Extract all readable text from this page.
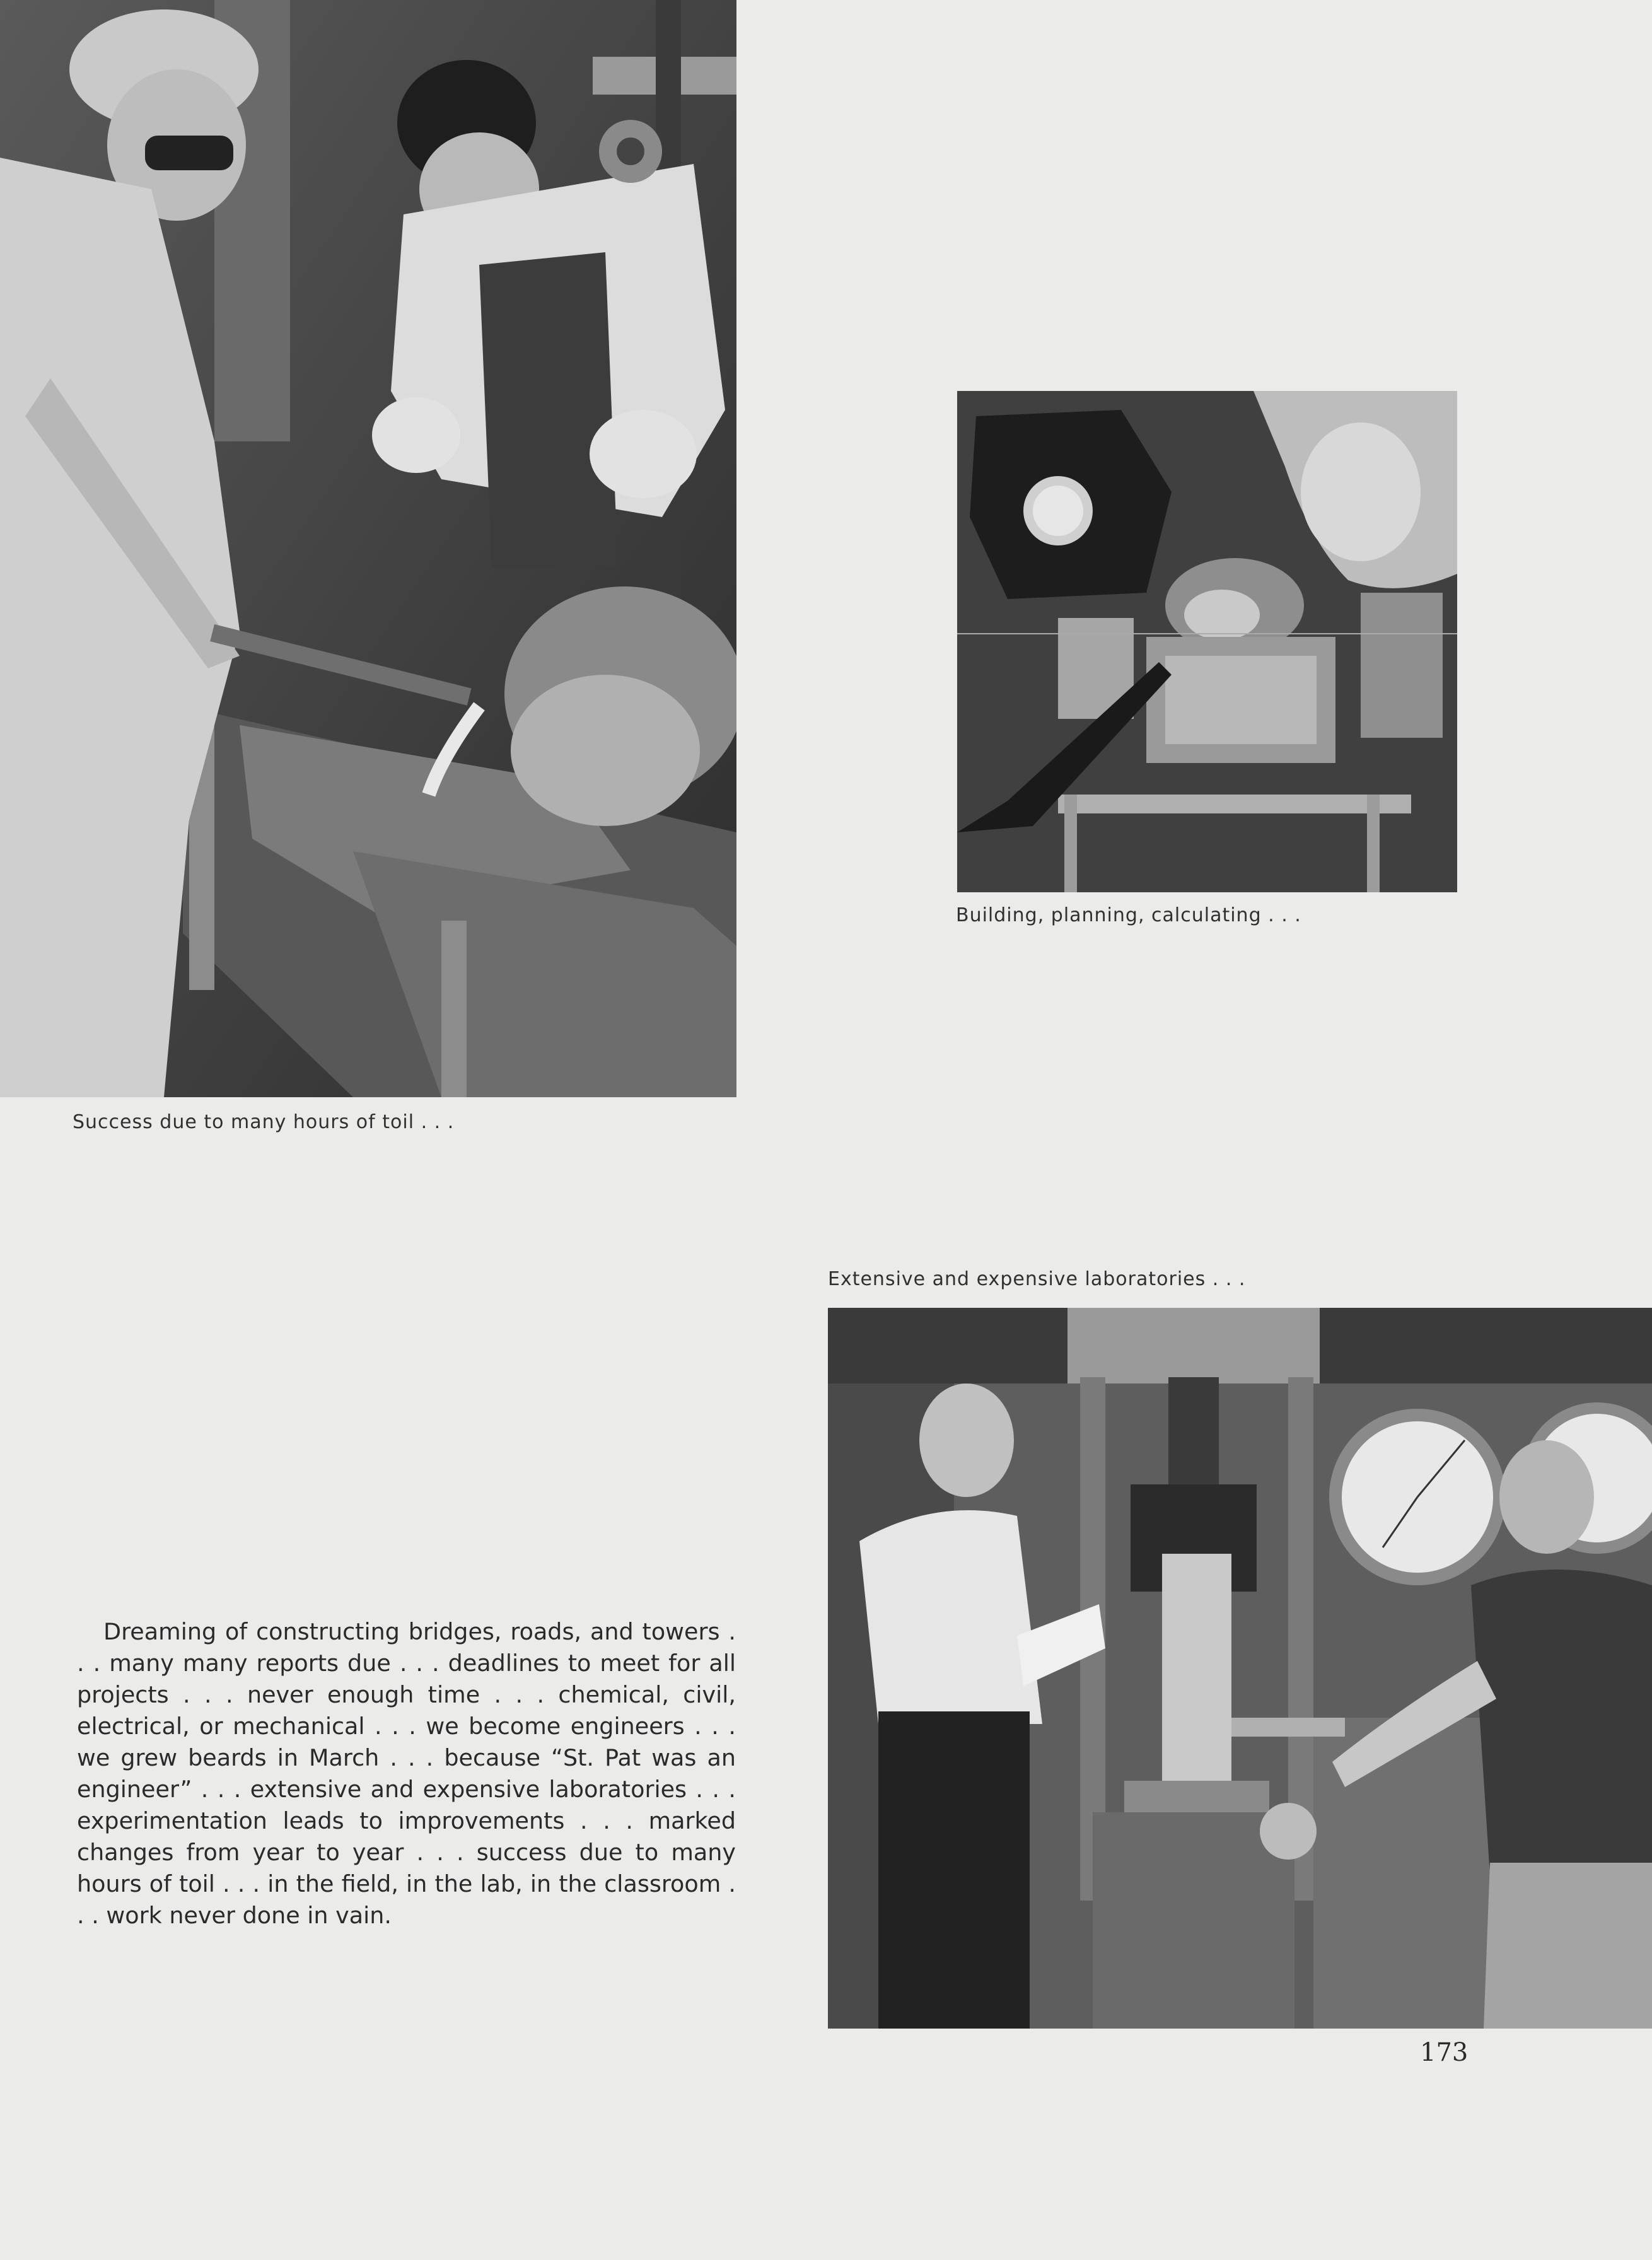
Success due to many hours of toil . . .
Building, planning, calculating . . .
Extensive and expensive laboratories . . .
Dreaming of constructing bridges, roads, and towers . . . many many reports due . . . deadlines to meet for all projects . . . never enough time . . . chemical, civil, electrical, or mechanical . . . we become engineers . . . we grew beards in March . . . because “St. Pat was an engineer” . . . extensive and expensive laboratories . . . experimentation leads to improvements . . . marked changes from year to year . . . success due to many hours of toil . . . in the field, in the lab, in the classroom . . . work never done in vain.
173
